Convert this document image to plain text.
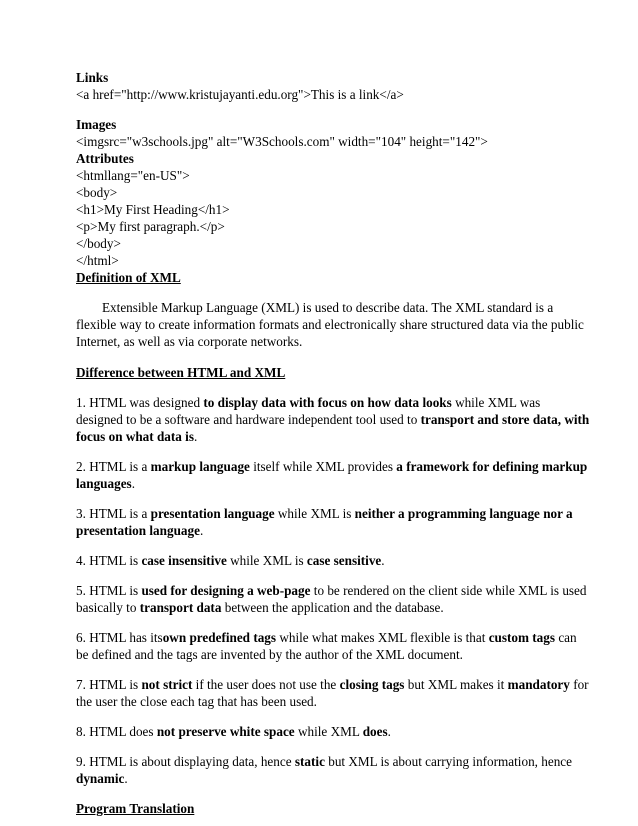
Links
<a href="http://www.kristujayanti.edu.org">This is a link</a>
Images
<imgsrc="w3schools.jpg" alt="W3Schools.com" width="104" height="142">
Attributes
<htmllang="en-US">
<body>
<h1>My First Heading</h1>
<p>My first paragraph.</p>
</body>
</html>
Definition of XML
Extensible Markup Language (XML) is used to describe data. The XML standard is a
flexible way to create information formats and electronically share structured data via the public
Internet, as well as via corporate networks.
Difference between HTML and XML
1. HTML was designed to display data with focus on how data looks while XML was
designed to be a software and hardware independent tool used to transport and store data, with
focus on what data is.
2. HTML is a markup language itself while XML provides a framework for defining markup
languages.
3. HTML is a presentation language while XML is neither a programming language nor a
presentation language.
4. HTML is case insensitive while XML is case sensitive.
5. HTML is used for designing a web-page to be rendered on the client side while XML is used
basically to transport data between the application and the database.
6. HTML has itsown predefined tags while what makes XML flexible is that custom tags can
be defined and the tags are invented by the author of the XML document.
7. HTML is not strict if the user does not use the closing tags but XML makes it mandatory for
the user the close each tag that has been used.
8. HTML does not preserve white space while XML does.
9. HTML is about displaying data, hence static but XML is about carrying information, hence
dynamic.
Program Translation
